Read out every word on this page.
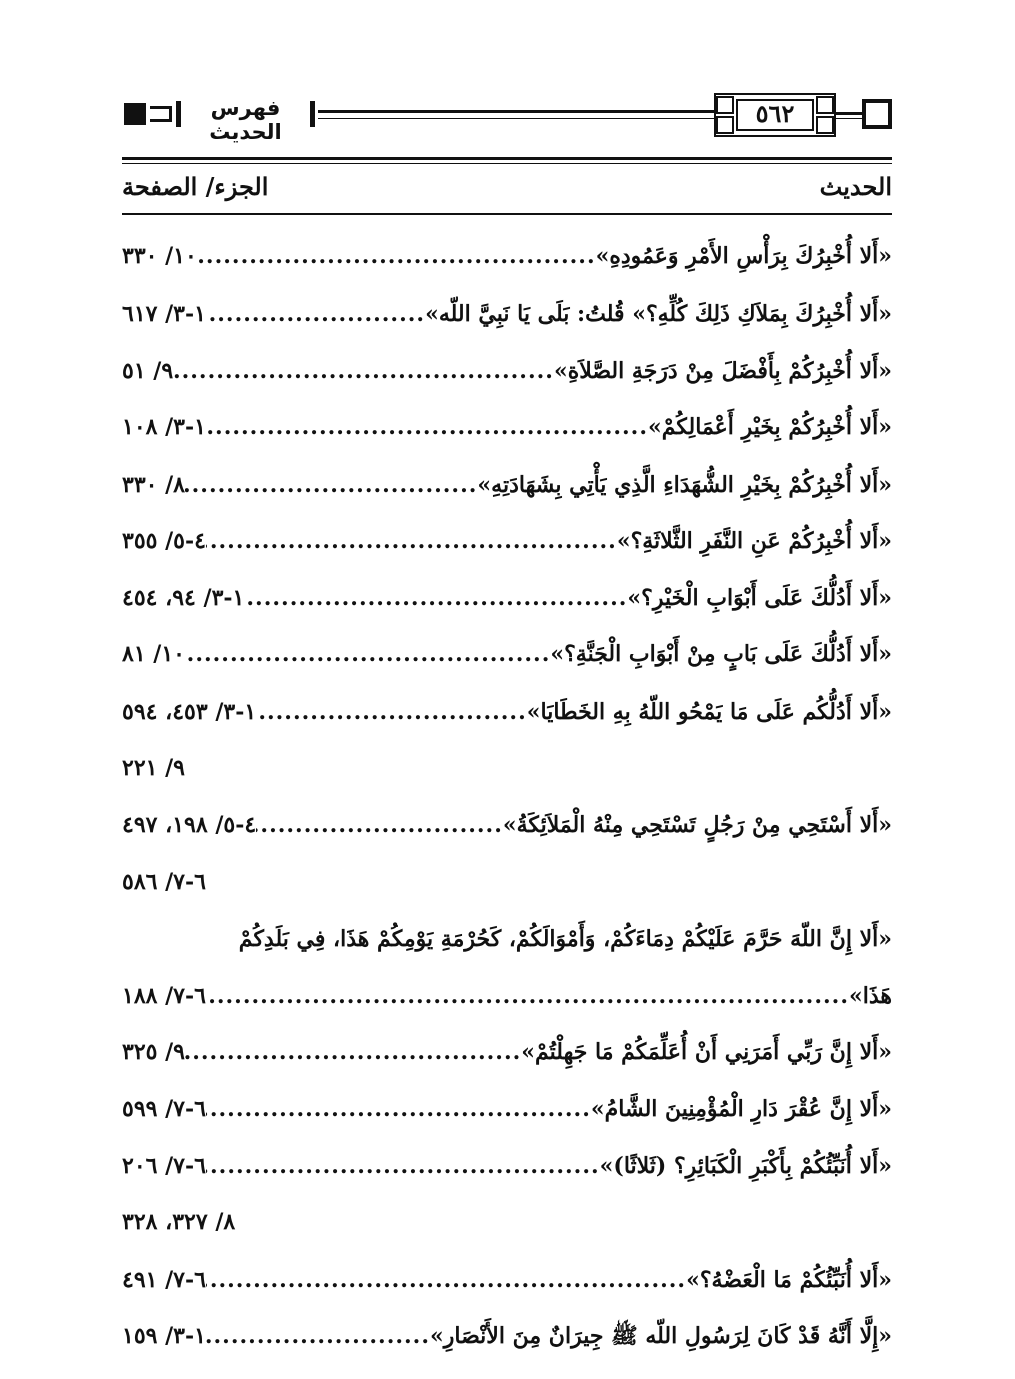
٥٦٢
فهرس الحديث
الحديث
الجزء/ الصفحة
«أَلا أُخْبِرُكَ بِرَأْسِ الأَمْرِ وَعَمُودِهِ»
.....
١٠/ ٣٣٠
«أَلا أُخْبِرُكَ بِمَلاَكِ ذَلِكَ كُلِّهِ؟» قُلتُ: بَلَى يَا نَبِيَّ اللّه»
.....
١-٣/ ٦١٧
«أَلا أُخْبِرُكُمْ بِأَفْضَلَ مِنْ دَرَجَةِ الصَّلاَةِ»
.....
٩/ ٥١
«أَلا أُخْبِرُكُمْ بِخَيْرِ أَعْمَالِكُمْ»
.....
١-٣/ ١٠٨
«أَلا أُخْبِرُكُمْ بِخَيْرِ الشُّهَدَاءِ الَّذِي يَأْتِي بِشَهَادَتِهِ»
.....
٨/ ٣٣٠
«أَلا أُخْبِرُكُمْ عَنِ النَّفَرِ الثَّلاثَةِ؟»
.....
٤-٥/ ٣٥٥
«أَلا أَدُلُّكَ عَلَى أَبْوَابِ الْخَيْرِ؟»
.....
١-٣/ ٩٤، ٤٥٤
«أَلا أَدُلُّكَ عَلَى بَابٍ مِنْ أَبْوَابِ الْجَنَّةِ؟»
.....
١٠/ ٨١
«أَلا أَدُلُّكُم عَلَى مَا يَمْحُو اللّهُ بِهِ الخَطَايَا»
.....
١-٣/ ٤٥٣، ٥٩٤
٩/ ٢٢١
«أَلا أَسْتَحِي مِنْ رَجُلٍ تَسْتَحِي مِنْهُ الْمَلاَئِكَةُ»
.....
٤-٥/ ١٩٨، ٤٩٧
٦-٧/ ٥٨٦
«أَلا إِنَّ اللّهَ حَرَّمَ عَلَيْكُمْ دِمَاءَكُمْ، وَأَمْوَالَكُمْ، كَحُرْمَةِ يَوْمِكُمْ هَذَا، فِي بَلَدِكُمْ
هَذَا»
.....
٦-٧/ ١٨٨
«أَلا إِنَّ رَبِّي أَمَرَنِي أَنْ أُعَلِّمَكُمْ مَا جَهِلْتُمْ»
.....
٩/ ٣٢٥
«أَلا إِنَّ عُقْرَ دَارِ الْمُؤْمِنِينَ الشَّامُ»
.....
٦-٧/ ٥٩٩
«أَلا أُنَبِّئُكُمْ بِأَكْبَرِ الْكَبَائِرِ؟ (ثَلاثًا)»
.....
٦-٧/ ٢٠٦
٨/ ٣٢٧، ٣٢٨
«أَلا أُنَبِّئُكُمْ مَا الْعَضْهُ؟»
.....
٦-٧/ ٤٩١
«إِلَّا أَنَّهُ قَدْ كَانَ لِرَسُولِ اللّه ﷺ جِيرَانٌ مِنَ الأَنْصَارِ»
.....
١-٣/ ١٥٩
